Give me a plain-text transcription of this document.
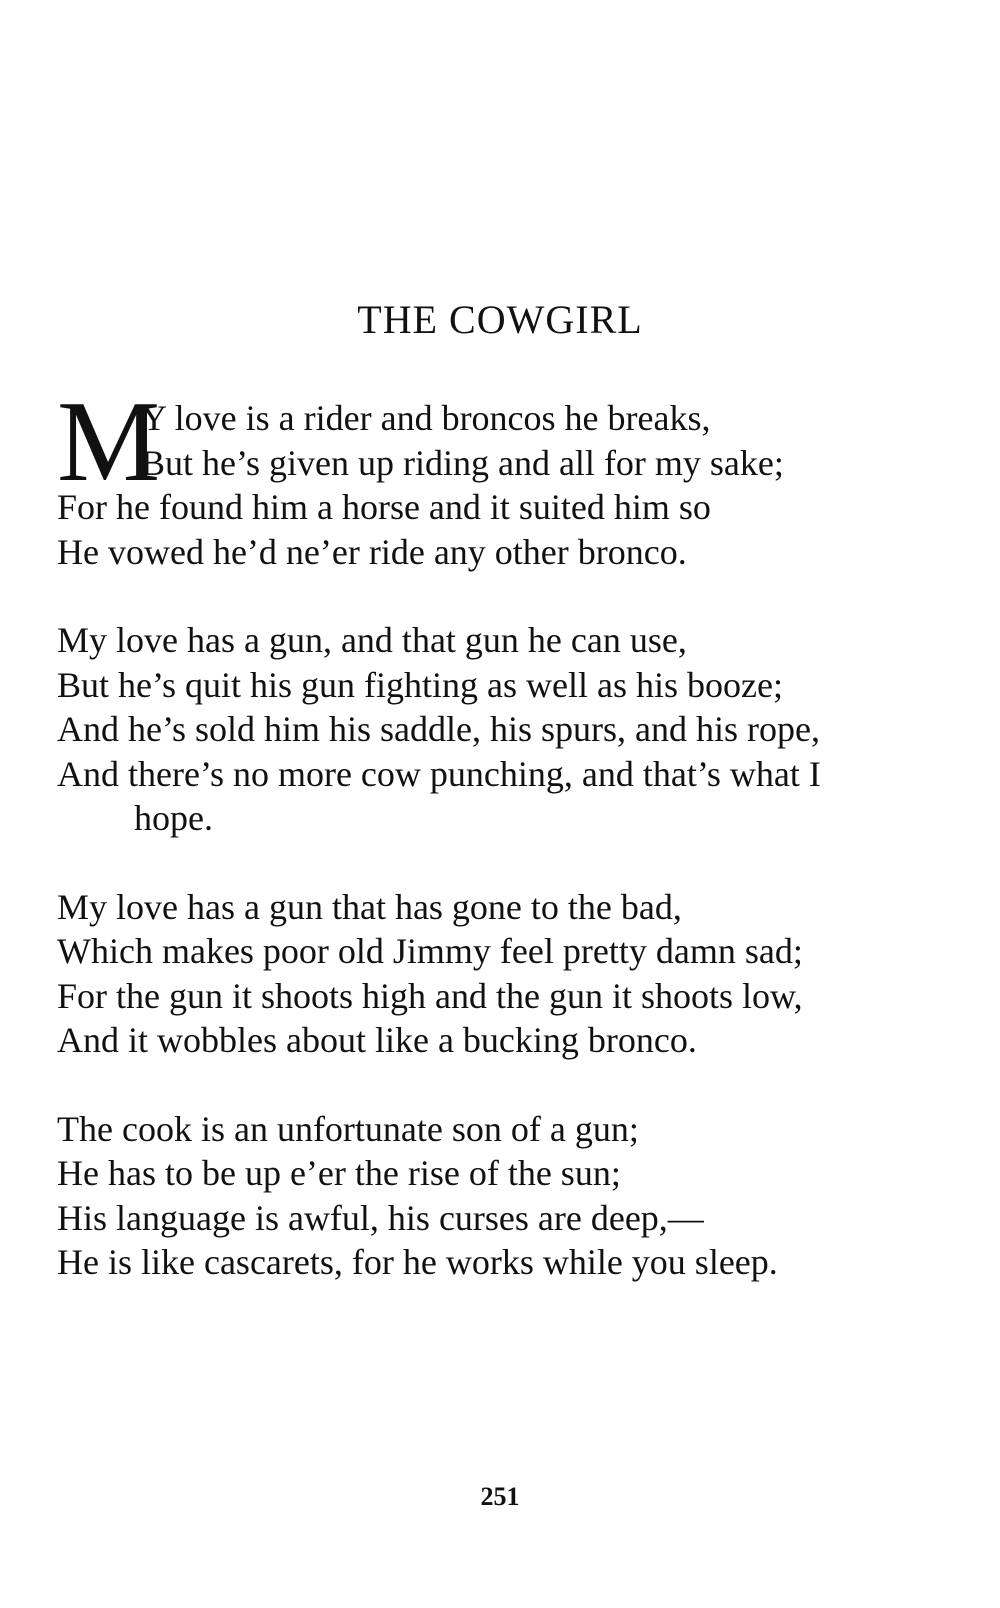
THE COWGIRL
M
Y love is a rider and broncos he breaks,
But he’s given up riding and all for my sake;
For he found him a horse and it suited him so
He vowed he’d ne’er ride any other bronco.
My love has a gun, and that gun he can use,
But he’s quit his gun fighting as well as his booze;
And he’s sold him his saddle, his spurs, and his rope,
And there’s no more cow punching, and that’s what I
hope.
My love has a gun that has gone to the bad,
Which makes poor old Jimmy feel pretty damn sad;
For the gun it shoots high and the gun it shoots low,
And it wobbles about like a bucking bronco.
The cook is an unfortunate son of a gun;
He has to be up e’er the rise of the sun;
His language is awful, his curses are deep,—
He is like cascarets, for he works while you sleep.
251
